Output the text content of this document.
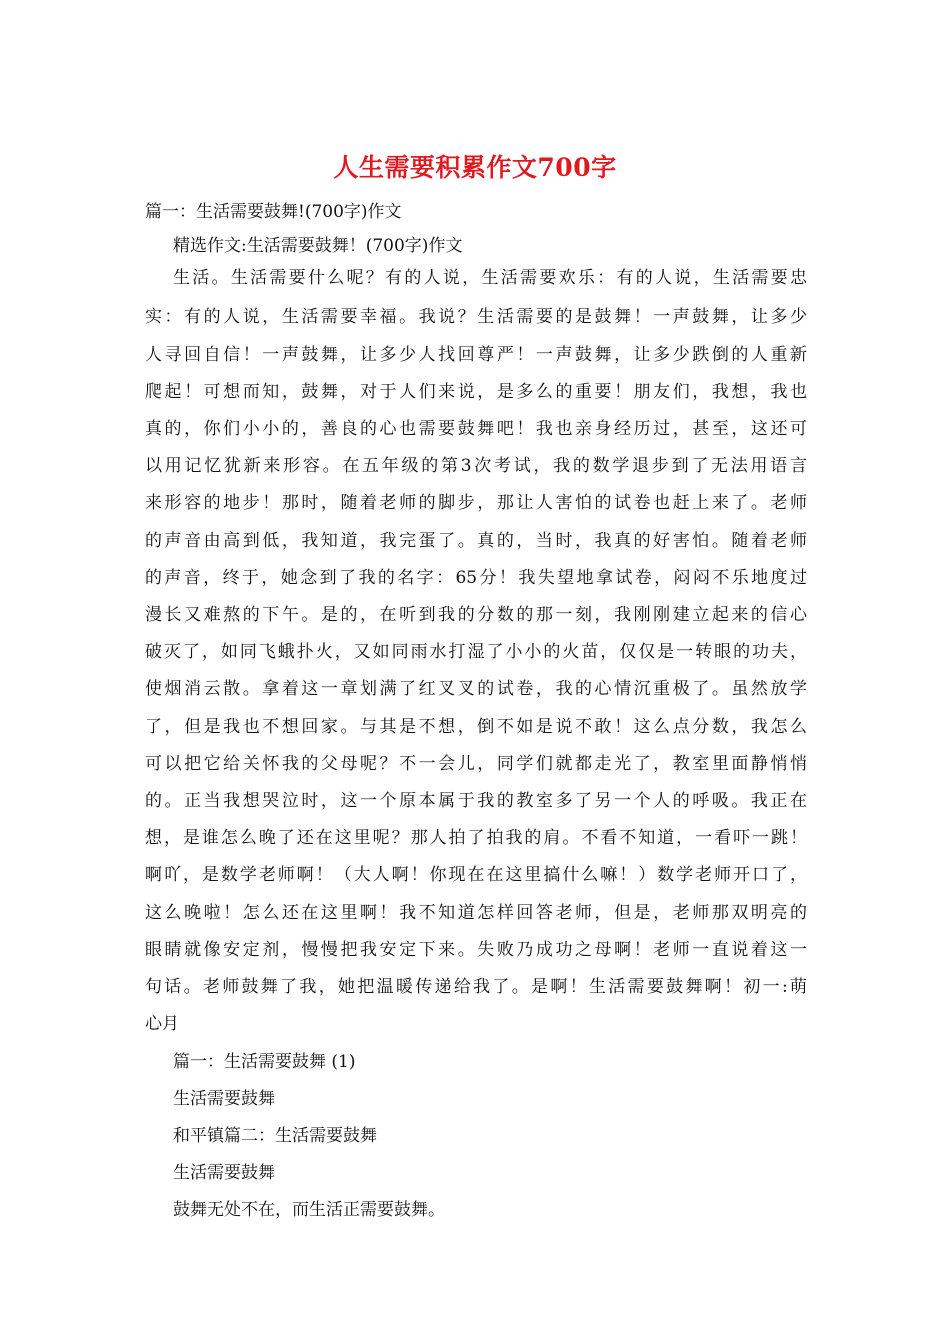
人生需要积累作文700字
篇一：生活需要鼓舞!(700字)作文
精选作文:生活需要鼓舞！(700字)作文
生活。生活需要什么呢？有的人说，生活需要欢乐：有的人说，生活需要忠
实：有的人说，生活需要幸福。我说？生活需要的是鼓舞！一声鼓舞，让多少
人寻回自信！一声鼓舞，让多少人找回尊严！一声鼓舞，让多少跌倒的人重新
爬起！可想而知，鼓舞，对于人们来说，是多么的重要！朋友们，我想，我也
真的，你们小小的，善良的心也需要鼓舞吧！我也亲身经历过，甚至，这还可
以用记忆犹新来形容。在五年级的第3次考试，我的数学退步到了无法用语言
来形容的地步！那时，随着老师的脚步，那让人害怕的试卷也赶上来了。老师
的声音由高到低，我知道，我完蛋了。真的，当时，我真的好害怕。随着老师
的声音，终于，她念到了我的名字：65分！我失望地拿试卷，闷闷不乐地度过
漫长又难熬的下午。是的，在听到我的分数的那一刻，我刚刚建立起来的信心
破灭了，如同飞蛾扑火，又如同雨水打湿了小小的火苗，仅仅是一转眼的功夫，
使烟消云散。拿着这一章划满了红叉叉的试卷，我的心情沉重极了。虽然放学
了，但是我也不想回家。与其是不想，倒不如是说不敢！这么点分数，我怎么
可以把它给关怀我的父母呢？不一会儿，同学们就都走光了，教室里面静悄悄
的。正当我想哭泣时，这一个原本属于我的教室多了另一个人的呼吸。我正在
想，是谁怎么晚了还在这里呢？那人拍了拍我的肩。不看不知道，一看吓一跳！
啊吖，是数学老师啊！（大人啊！你现在在这里搞什么嘛！）数学老师开口了，
这么晚啦！怎么还在这里啊！我不知道怎样回答老师，但是，老师那双明亮的
眼睛就像安定剂，慢慢把我安定下来。失败乃成功之母啊！老师一直说着这一
句话。老师鼓舞了我，她把温暖传递给我了。是啊！生活需要鼓舞啊！初一:萌
心月
篇一：生活需要鼓舞 (1)
生活需要鼓舞
和平镇篇二：生活需要鼓舞
生活需要鼓舞
鼓舞无处不在，而生活正需要鼓舞。
